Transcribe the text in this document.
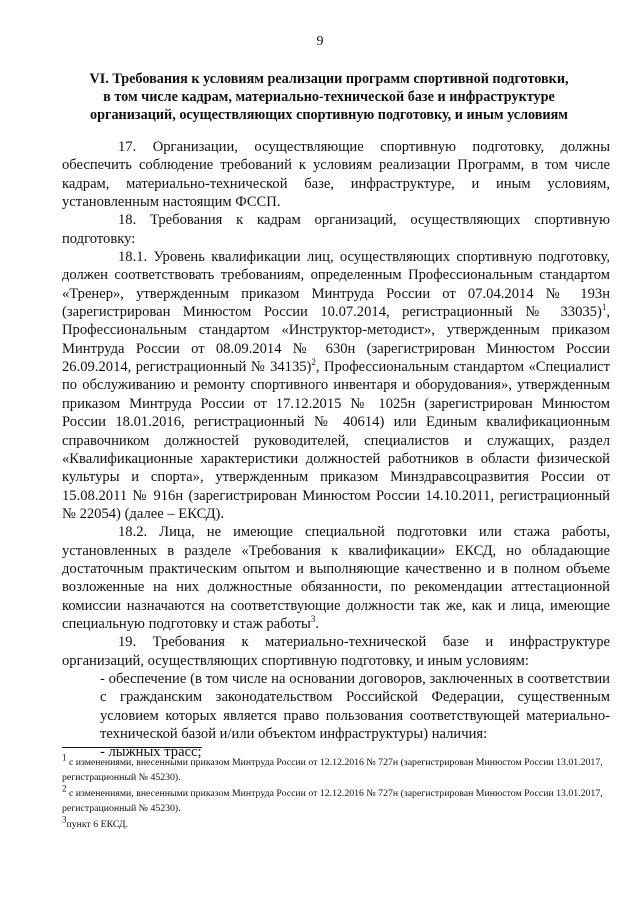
9
VI. Требования к условиям реализации программ спортивной подготовки,
в том числе кадрам, материально-технической базе и инфраструктуре
организаций, осуществляющих спортивную подготовку, и иным условиям

17. Организации, осуществляющие спортивную подготовку, должны обеспечить соблюдение требований к условиям реализации Программ, в том числе кадрам, материально-технической базе, инфраструктуре, и иным условиям, установленным настоящим ФССП.

18. Требования к кадрам организаций, осуществляющих спортивную подготовку:

18.1. Уровень квалификации лиц, осуществляющих спортивную подготовку, должен соответствовать требованиям, определенным Профессиональным стандартом «Тренер», утвержденным приказом Минтруда России от 07.04.2014 № 193н (зарегистрирован Минюстом России 10.07.2014, регистрационный № 33035)$^1$, Профессиональным стандартом «Инструктор-методист», утвержденным приказом Минтруда России от 08.09.2014 № 630н (зарегистрирован Минюстом России 26.09.2014, регистрационный № 34135)$^2$, Профессиональным стандартом «Специалист по обслуживанию и ремонту спортивного инвентаря и оборудования», утвержденным приказом Минтруда России от 17.12.2015 № 1025н (зарегистрирован Минюстом России 18.01.2016, регистрационный № 40614) или Единым квалификационным справочником должностей руководителей, специалистов и служащих, раздел «Квалификационные характеристики должностей работников в области физической культуры и спорта», утвержденным приказом Минздравсоцразвития России от 15.08.2011 № 916н (зарегистрирован Минюстом России 14.10.2011, регистрационный № 22054) (далее – ЕКСД).

18.2. Лица, не имеющие специальной подготовки или стажа работы, установленных в разделе «Требования к квалификации» ЕКСД, но обладающие достаточным практическим опытом и выполняющие качественно и в полном объеме возложенные на них должностные обязанности, по рекомендации аттестационной комиссии назначаются на соответствующие должности так же, как и лица, имеющие специальную подготовку и стаж работы$^3$.

19. Требования к материально-технической базе и инфраструктуре организаций, осуществляющих спортивную подготовку, и иным условиям:

- обеспечение (в том числе на основании договоров, заключенных в соответствии с гражданским законодательством Российской Федерации, существенным условием которых является право пользования соответствующей материально-технической базой и/или объектом инфраструктуры) наличия:

- лыжных трасс;

$^1$ с изменениями, внесенными приказом Минтруда России от 12.12.2016 № 727н (зарегистрирован Минюстом России 13.01.2017, регистрационный № 45230).

$^2$ с изменениями, внесенными приказом Минтруда России от 12.12.2016 № 727н (зарегистрирован Минюстом России 13.01.2017, регистрационный № 45230).

$^3$пункт 6 ЕКСД.
